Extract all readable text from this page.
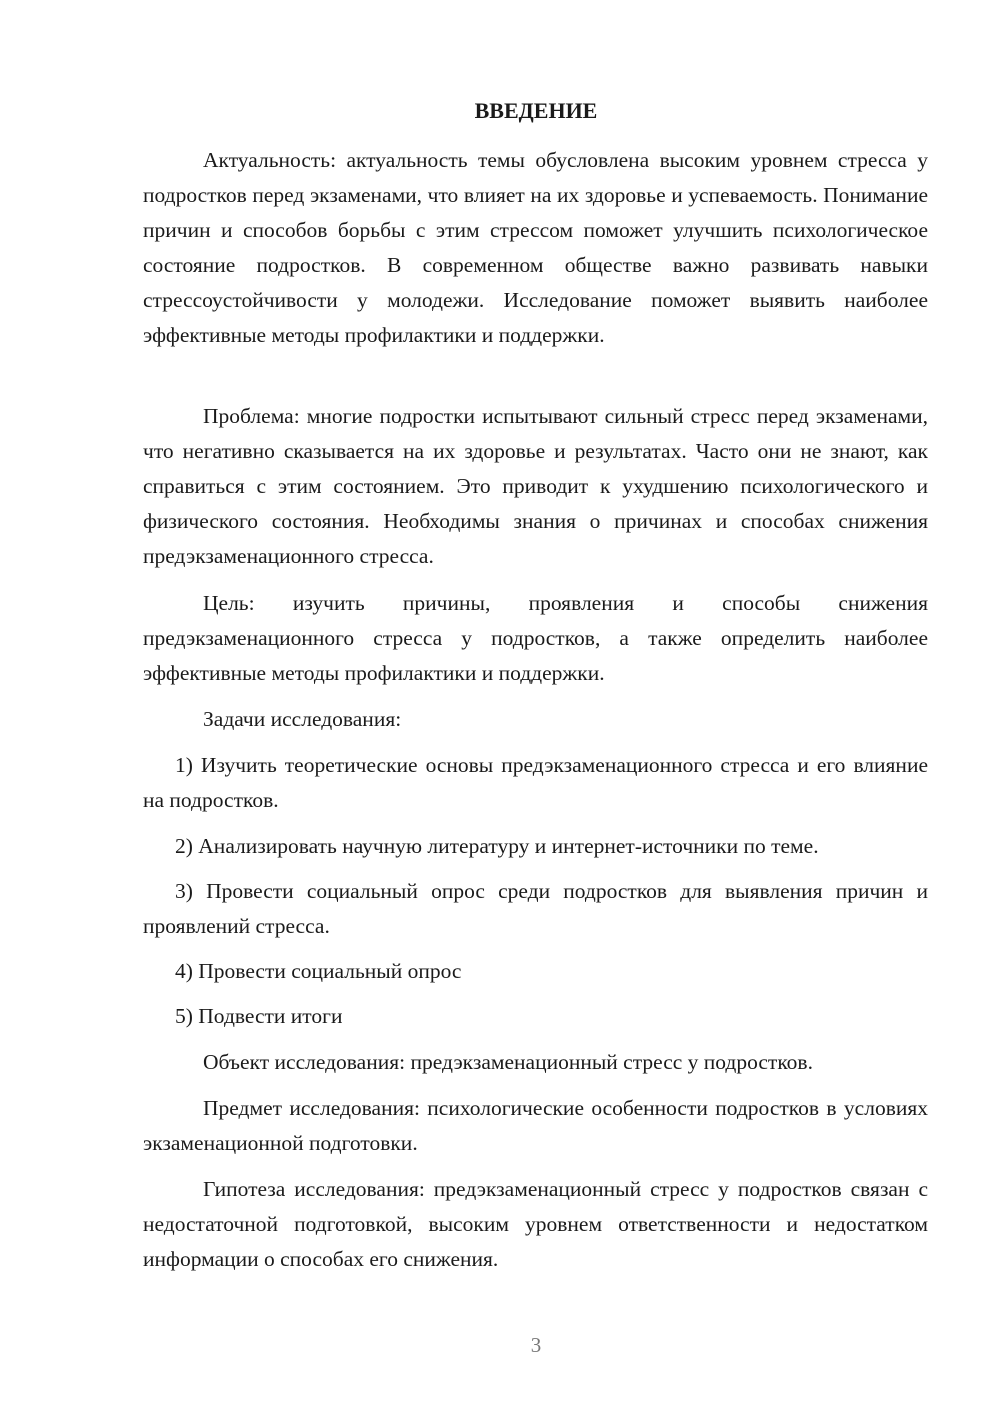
ВВЕДЕНИЕ

Актуальность: актуальность темы обусловлена высоким уровнем стресса у подростков перед экзаменами, что влияет на их здоровье и успеваемость. Понимание причин и способов борьбы с этим стрессом поможет улучшить психологическое состояние подростков. В современном обществе важно развивать навыки стрессоустойчивости у молодежи. Исследование поможет выявить наиболее эффективные методы профилактики и поддержки.

Проблема: многие подростки испытывают сильный стресс перед экзаменами, что негативно сказывается на их здоровье и результатах. Часто они не знают, как справиться с этим состоянием. Это приводит к ухудшению психологического и физического состояния. Необходимы знания о причинах и способах снижения предэкзаменационного стресса.

Цель: изучить причины, проявления и способы снижения предэкзаменационного стресса у подростков, а также определить наиболее эффективные методы профилактики и поддержки.

Задачи исследования:

1) Изучить теоретические основы предэкзаменационного стресса и его влияние на подростков.

2) Анализировать научную литературу и интернет-источники по теме.

3) Провести социальный опрос среди подростков для выявления причин и проявлений стресса.

4) Провести социальный опрос

5) Подвести итоги

Объект исследования: предэкзаменационный стресс у подростков.

Предмет исследования: психологические особенности подростков в условиях экзаменационной подготовки.

Гипотеза исследования: предэкзаменационный стресс у подростков связан с недостаточной подготовкой, высоким уровнем ответственности и недостатком информации о способах его снижения.

3
